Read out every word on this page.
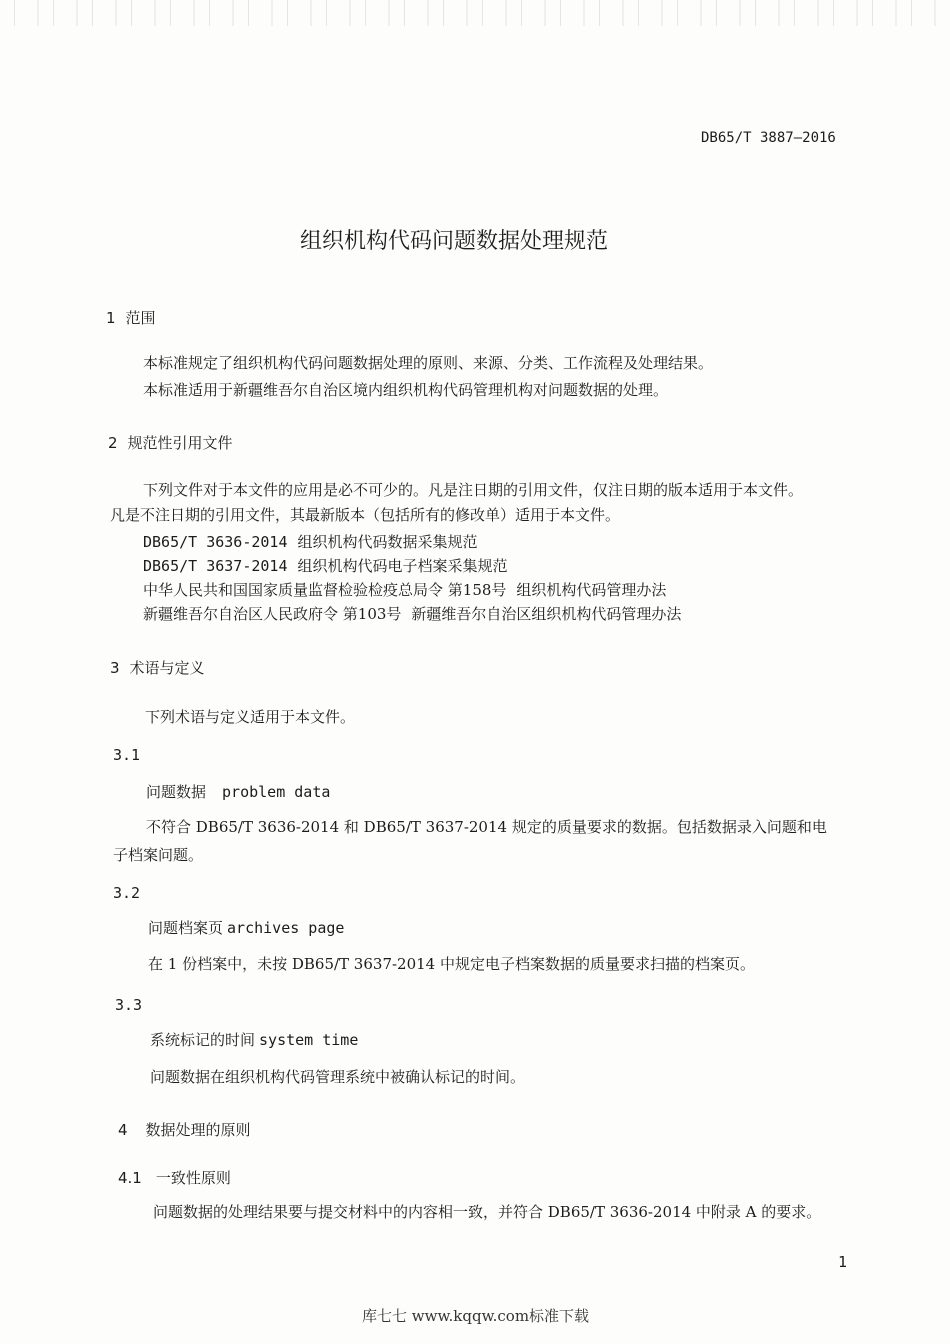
DB65/T 3887—2016
组织机构代码问题数据处理规范
1 范围
本标准规定了组织机构代码问题数据处理的原则、来源、分类、工作流程及处理结果。
本标准适用于新疆维吾尔自治区境内组织机构代码管理机构对问题数据的处理。
2 规范性引用文件
下列文件对于本文件的应用是必不可少的。凡是注日期的引用文件，仅注日期的版本适用于本文件。
凡是不注日期的引用文件，其最新版本（包括所有的修改单）适用于本文件。
DB65/T 3636-2014 组织机构代码数据采集规范
DB65/T 3637-2014 组织机构代码电子档案采集规范
中华人民共和国国家质量监督检验检疫总局令 第158号 组织机构代码管理办法
新疆维吾尔自治区人民政府令 第103号 新疆维吾尔自治区组织机构代码管理办法
3 术语与定义
下列术语与定义适用于本文件。
3.1
问题数据 problem data
不符合 DB65/T 3636-2014 和 DB65/T 3637-2014 规定的质量要求的数据。包括数据录入问题和电
子档案问题。
3.2
问题档案页 archives page
在 1 份档案中，未按 DB65/T 3637-2014 中规定电子档案数据的质量要求扫描的档案页。
3.3
系统标记的时间 system time
问题数据在组织机构代码管理系统中被确认标记的时间。
4 数据处理的原则
4.1 一致性原则
问题数据的处理结果要与提交材料中的内容相一致，并符合 DB65/T 3636-2014 中附录 A 的要求。
1
库七七 www.kqqw.com标准下载
